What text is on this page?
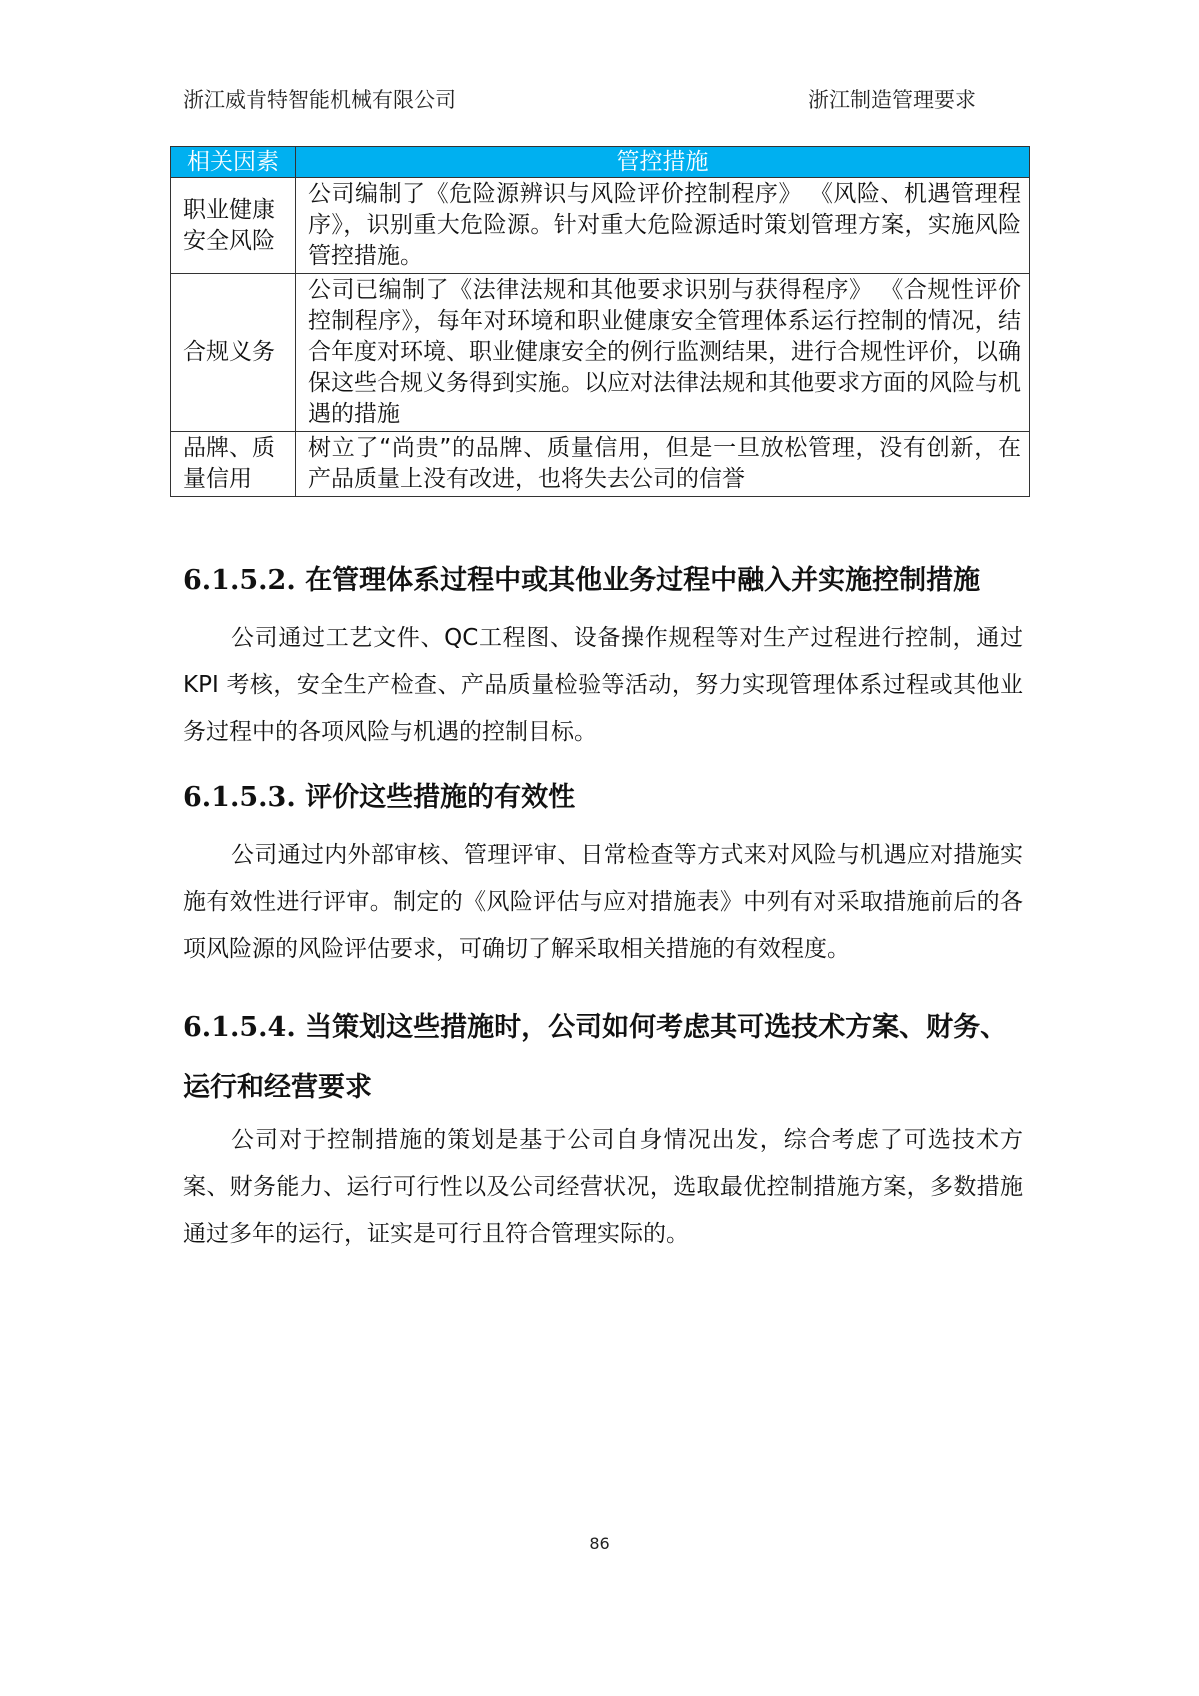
浙江威肯特智能机械有限公司	浙江制造管理要求
相关因素	管控措施
职业健康安全风险	公司编制了《危险源辨识与风险评价控制程序》 《风险、机遇管理程序》，识别重大危险源。针对重大危险源适时策划管理方案，实施风险管控措施。
合规义务	公司已编制了《法律法规和其他要求识别与获得程序》 《合规性评价控制程序》，每年对环境和职业健康安全管理体系运行控制的情况，结合年度对环境、职业健康安全的例行监测结果，进行合规性评价，以确保这些合规义务得到实施。以应对法律法规和其他要求方面的风险与机遇的措施
品牌、质量信用	树立了“尚贵”的品牌、质量信用，但是一旦放松管理，没有创新，在产品质量上没有改进，也将失去公司的信誉
6.1.5.2. 在管理体系过程中或其他业务过程中融入并实施控制措施

公司通过工艺文件、QC工程图、设备操作规程等对生产过程进行控制，通过 KPI 考核，安全生产检查、产品质量检验等活动，努力实现管理体系过程或其他业务过程中的各项风险与机遇的控制目标。

6.1.5.3. 评价这些措施的有效性

公司通过内外部审核、管理评审、日常检查等方式来对风险与机遇应对措施实施有效性进行评审。制定的《风险评估与应对措施表》中列有对采取措施前后的各项风险源的风险评估要求，可确切了解采取相关措施的有效程度。

6.1.5.4. 当策划这些措施时，公司如何考虑其可选技术方案、财务、运行和经营要求

公司对于控制措施的策划是基于公司自身情况出发，综合考虑了可选技术方案、财务能力、运行可行性以及公司经营状况，选取最优控制措施方案，多数措施通过多年的运行，证实是可行且符合管理实际的。

86
